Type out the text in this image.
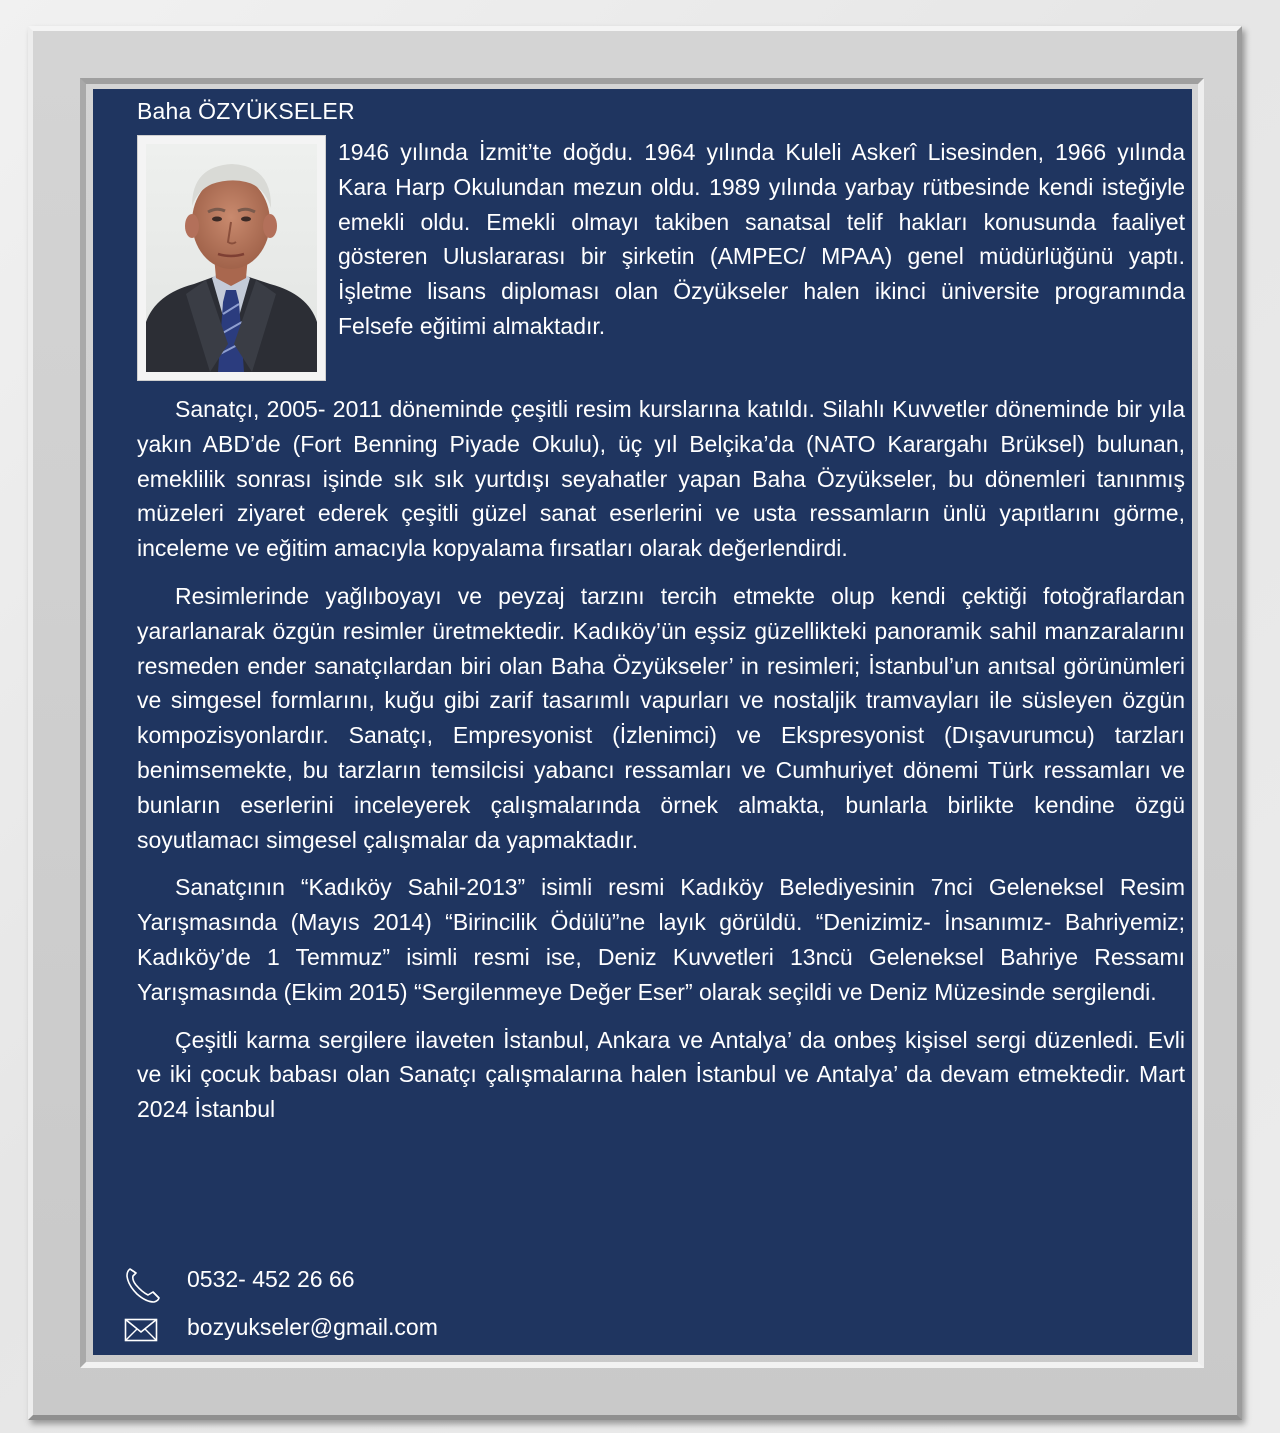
Baha ÖZYÜKSELER

1946 yılında İzmit’te doğdu. 1964 yılında Kuleli Askerî Lisesinden, 1966 yılında Kara Harp Okulundan mezun oldu. 1989 yılında yarbay rütbesinde kendi isteğiyle emekli oldu. Emekli olmayı takiben sanatsal telif hakları konusunda faaliyet gösteren Uluslararası bir şirketin (AMPEC/ MPAA) genel müdürlüğünü yaptı. İşletme lisans diploması olan Özyükseler halen ikinci üniversite programında Felsefe eğitimi almaktadır.

Sanatçı, 2005- 2011 döneminde çeşitli resim kurslarına katıldı. Silahlı Kuvvetler döneminde bir yıla yakın ABD’de (Fort Benning Piyade Okulu), üç yıl Belçika’da (NATO Karargahı Brüksel) bulunan, emeklilik sonrası işinde sık sık yurtdışı seyahatler yapan Baha Özyükseler, bu dönemleri tanınmış müzeleri ziyaret ederek çeşitli güzel sanat eserlerini ve usta ressamların ünlü yapıtlarını görme, inceleme ve eğitim amacıyla kopyalama fırsatları olarak değerlendirdi.

Resimlerinde yağlıboyayı ve peyzaj tarzını tercih etmekte olup kendi çektiği fotoğraflardan yararlanarak özgün resimler üretmektedir. Kadıköy’ün eşsiz güzellikteki panoramik sahil manzaralarını resmeden ender sanatçılardan biri olan Baha Özyükseler’ in resimleri; İstanbul’un anıtsal görünümleri ve simgesel formlarını, kuğu gibi zarif tasarımlı vapurları ve nostaljik tramvayları ile süsleyen özgün kompozisyonlardır. Sanatçı, Empresyonist (İzlenimci) ve Ekspresyonist (Dışavurumcu) tarzları benimsemekte, bu tarzların temsilcisi yabancı ressamları ve Cumhuriyet dönemi Türk ressamları ve bunların eserlerini inceleyerek çalışmalarında örnek almakta, bunlarla birlikte kendine özgü soyutlamacı simgesel çalışmalar da yapmaktadır.

Sanatçının “Kadıköy Sahil-2013” isimli resmi Kadıköy Belediyesinin 7nci Geleneksel Resim Yarışmasında (Mayıs 2014) “Birincilik Ödülü”ne layık görüldü. “Denizimiz- İnsanımız- Bahriyemiz; Kadıköy’de 1 Temmuz” isimli resmi ise, Deniz Kuvvetleri 13ncü Geleneksel Bahriye Ressamı Yarışmasında (Ekim 2015) “Sergilenmeye Değer Eser” olarak seçildi ve Deniz Müzesinde sergilendi.

Çeşitli karma sergilere ilaveten İstanbul, Ankara ve Antalya’ da onbeş kişisel sergi düzenledi. Evli ve iki çocuk babası olan Sanatçı çalışmalarına halen İstanbul ve Antalya’ da devam etmektedir. Mart 2024 İstanbul

0532- 452 26 66
bozyukseler@gmail.com
